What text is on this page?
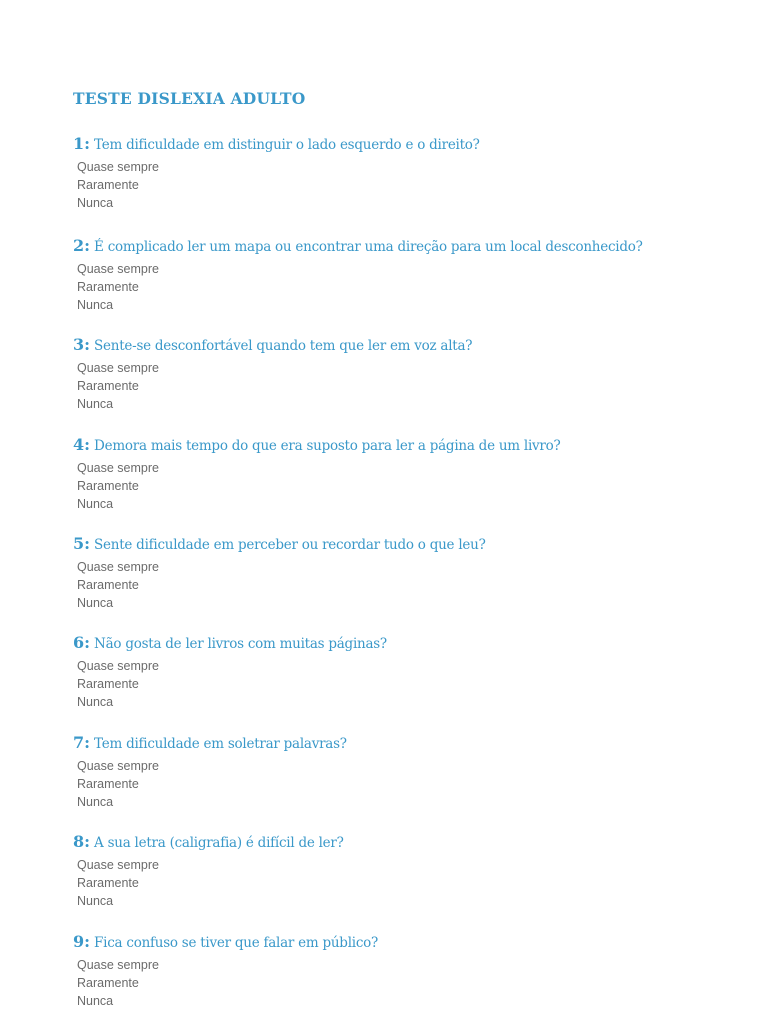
TESTE DISLEXIA ADULTO
1: Tem dificuldade em distinguir o lado esquerdo e o direito?
Quase sempre
Raramente
Nunca
2: É complicado ler um mapa ou encontrar uma direção para um local desconhecido?
Quase sempre
Raramente
Nunca
3: Sente-se desconfortável quando tem que ler em voz alta?
Quase sempre
Raramente
Nunca
4: Demora mais tempo do que era suposto para ler a página de um livro?
Quase sempre
Raramente
Nunca
5: Sente dificuldade em perceber ou recordar tudo o que leu?
Quase sempre
Raramente
Nunca
6: Não gosta de ler livros com muitas páginas?
Quase sempre
Raramente
Nunca
7: Tem dificuldade em soletrar palavras?
Quase sempre
Raramente
Nunca
8: A sua letra (caligrafia) é difícil de ler?
Quase sempre
Raramente
Nunca
9: Fica confuso se tiver que falar em público?
Quase sempre
Raramente
Nunca
